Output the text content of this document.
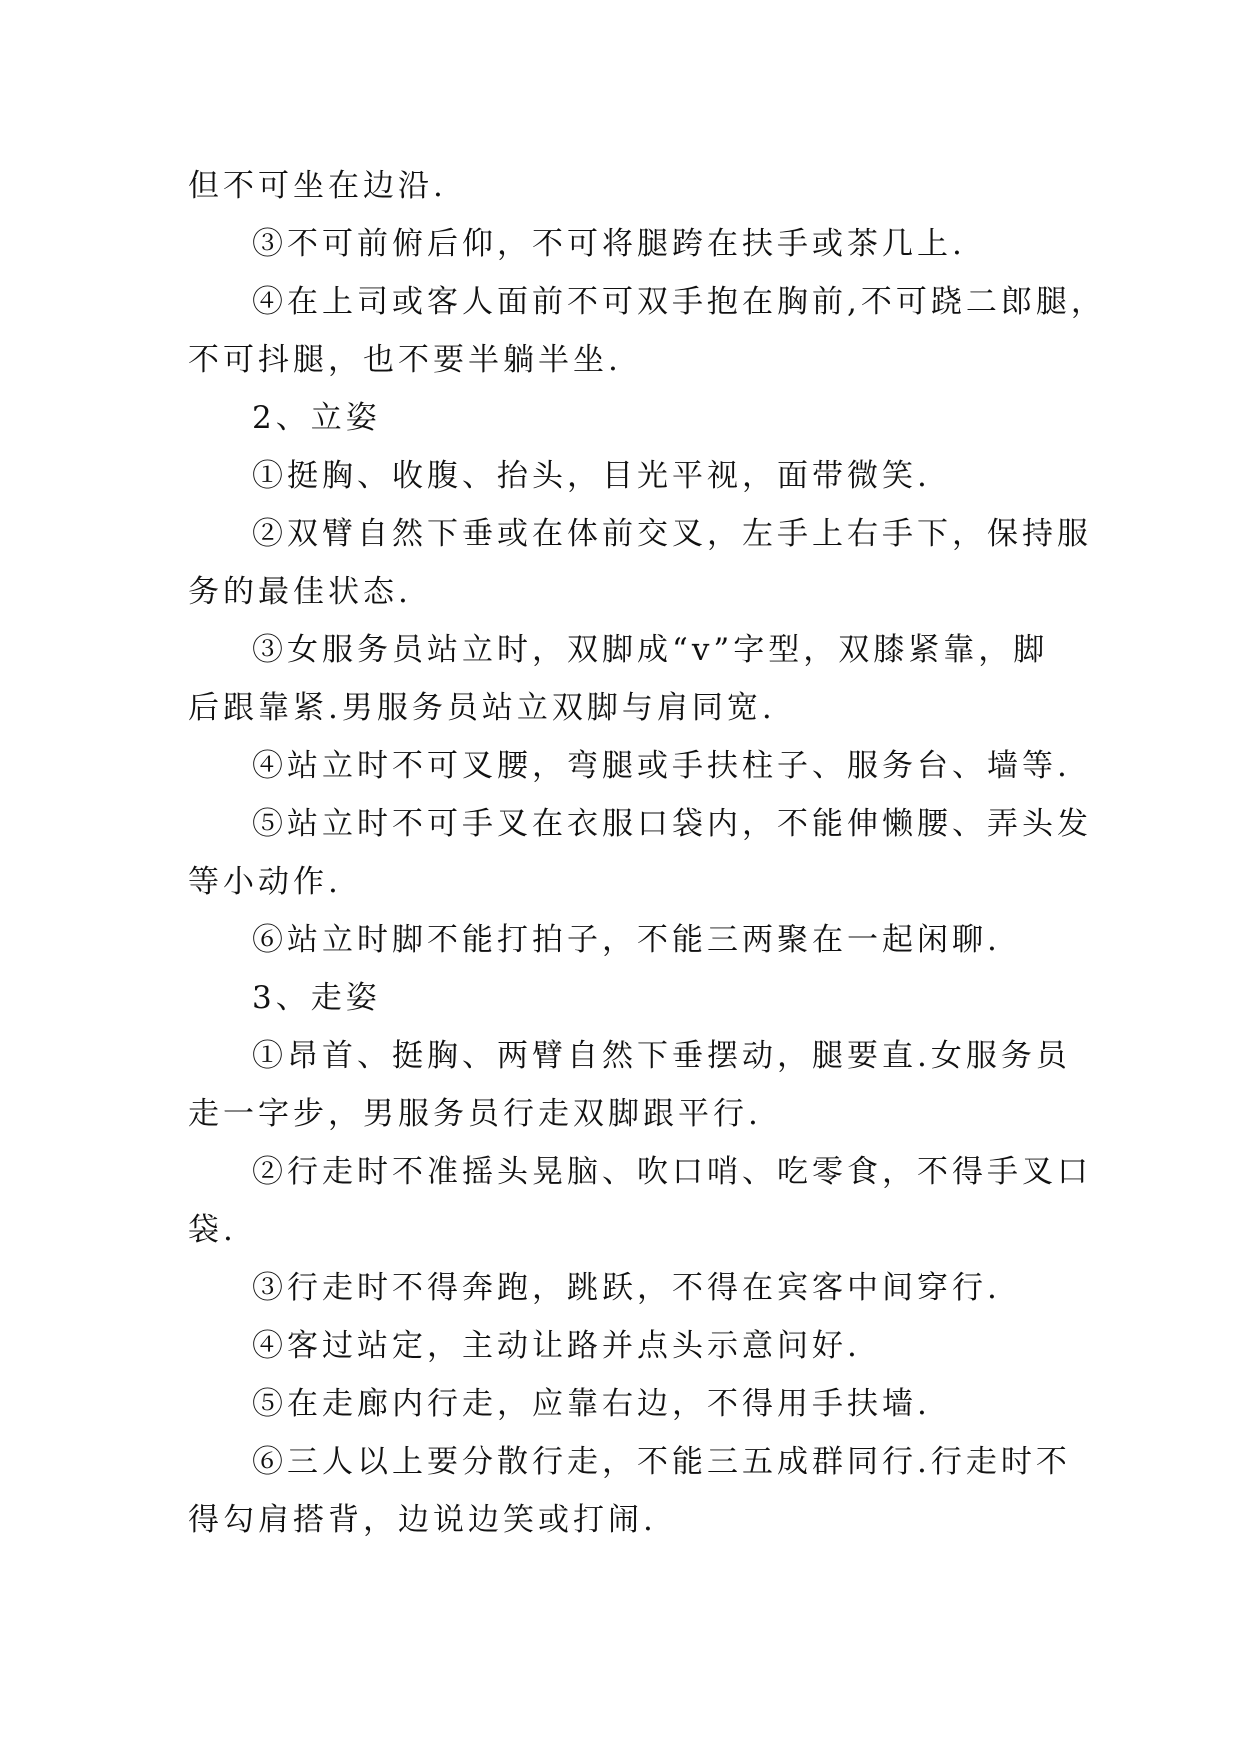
但不可坐在边沿.
③不可前俯后仰，不可将腿跨在扶手或茶几上.
④在上司或客人面前不可双手抱在胸前,不可跷二郎腿，
不可抖腿，也不要半躺半坐.
2、立姿
①挺胸、收腹、抬头，目光平视，面带微笑.
②双臂自然下垂或在体前交叉，左手上右手下，保持服
务的最佳状态.
③女服务员站立时，双脚成“v”字型，双膝紧靠，脚
后跟靠紧.男服务员站立双脚与肩同宽.
④站立时不可叉腰，弯腿或手扶柱子、服务台、墙等.
⑤站立时不可手叉在衣服口袋内，不能伸懒腰、弄头发
等小动作.
⑥站立时脚不能打拍子，不能三两聚在一起闲聊.
3、走姿
①昂首、挺胸、两臂自然下垂摆动，腿要直.女服务员
走一字步，男服务员行走双脚跟平行.
②行走时不准摇头晃脑、吹口哨、吃零食，不得手叉口
袋.
③行走时不得奔跑，跳跃，不得在宾客中间穿行.
④客过站定，主动让路并点头示意问好.
⑤在走廊内行走，应靠右边，不得用手扶墙.
⑥三人以上要分散行走，不能三五成群同行.行走时不
得勾肩搭背，边说边笑或打闹.
